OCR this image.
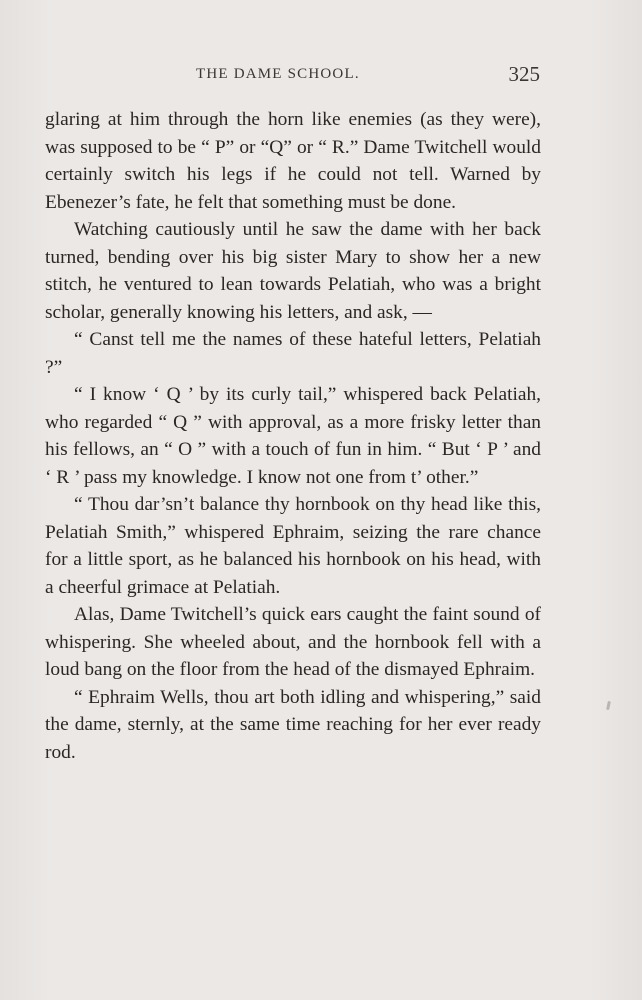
THE DAME SCHOOL.	325

glaring at him through the horn like enemies (as they were), was supposed to be “ P” or “Q” or “ R.” Dame Twitchell would certainly switch his legs if he could not tell. Warned by Ebenezer’s fate, he felt that something must be done.

Watching cautiously until he saw the dame with her back turned, bending over his big sister Mary to show her a new stitch, he ventured to lean towards Pelatiah, who was a bright scholar, generally knowing his letters, and ask, —

“ Canst tell me the names of these hateful letters, Pelatiah ?”

“ I know ‘ Q ’ by its curly tail,” whispered back Pelatiah, who regarded “ Q ” with approval, as a more frisky letter than his fellows, an “ O ” with a touch of fun in him. “ But ‘ P ’ and ‘ R ’ pass my knowledge. I know not one from t’ other.”

“ Thou dar’sn’t balance thy hornbook on thy head like this, Pelatiah Smith,” whispered Ephraim, seizing the rare chance for a little sport, as he balanced his hornbook on his head, with a cheerful grimace at Pelatiah.

Alas, Dame Twitchell’s quick ears caught the faint sound of whispering. She wheeled about, and the hornbook fell with a loud bang on the floor from the head of the dismayed Ephraim.

“ Ephraim Wells, thou art both idling and whispering,” said the dame, sternly, at the same time reaching for her ever ready rod.
